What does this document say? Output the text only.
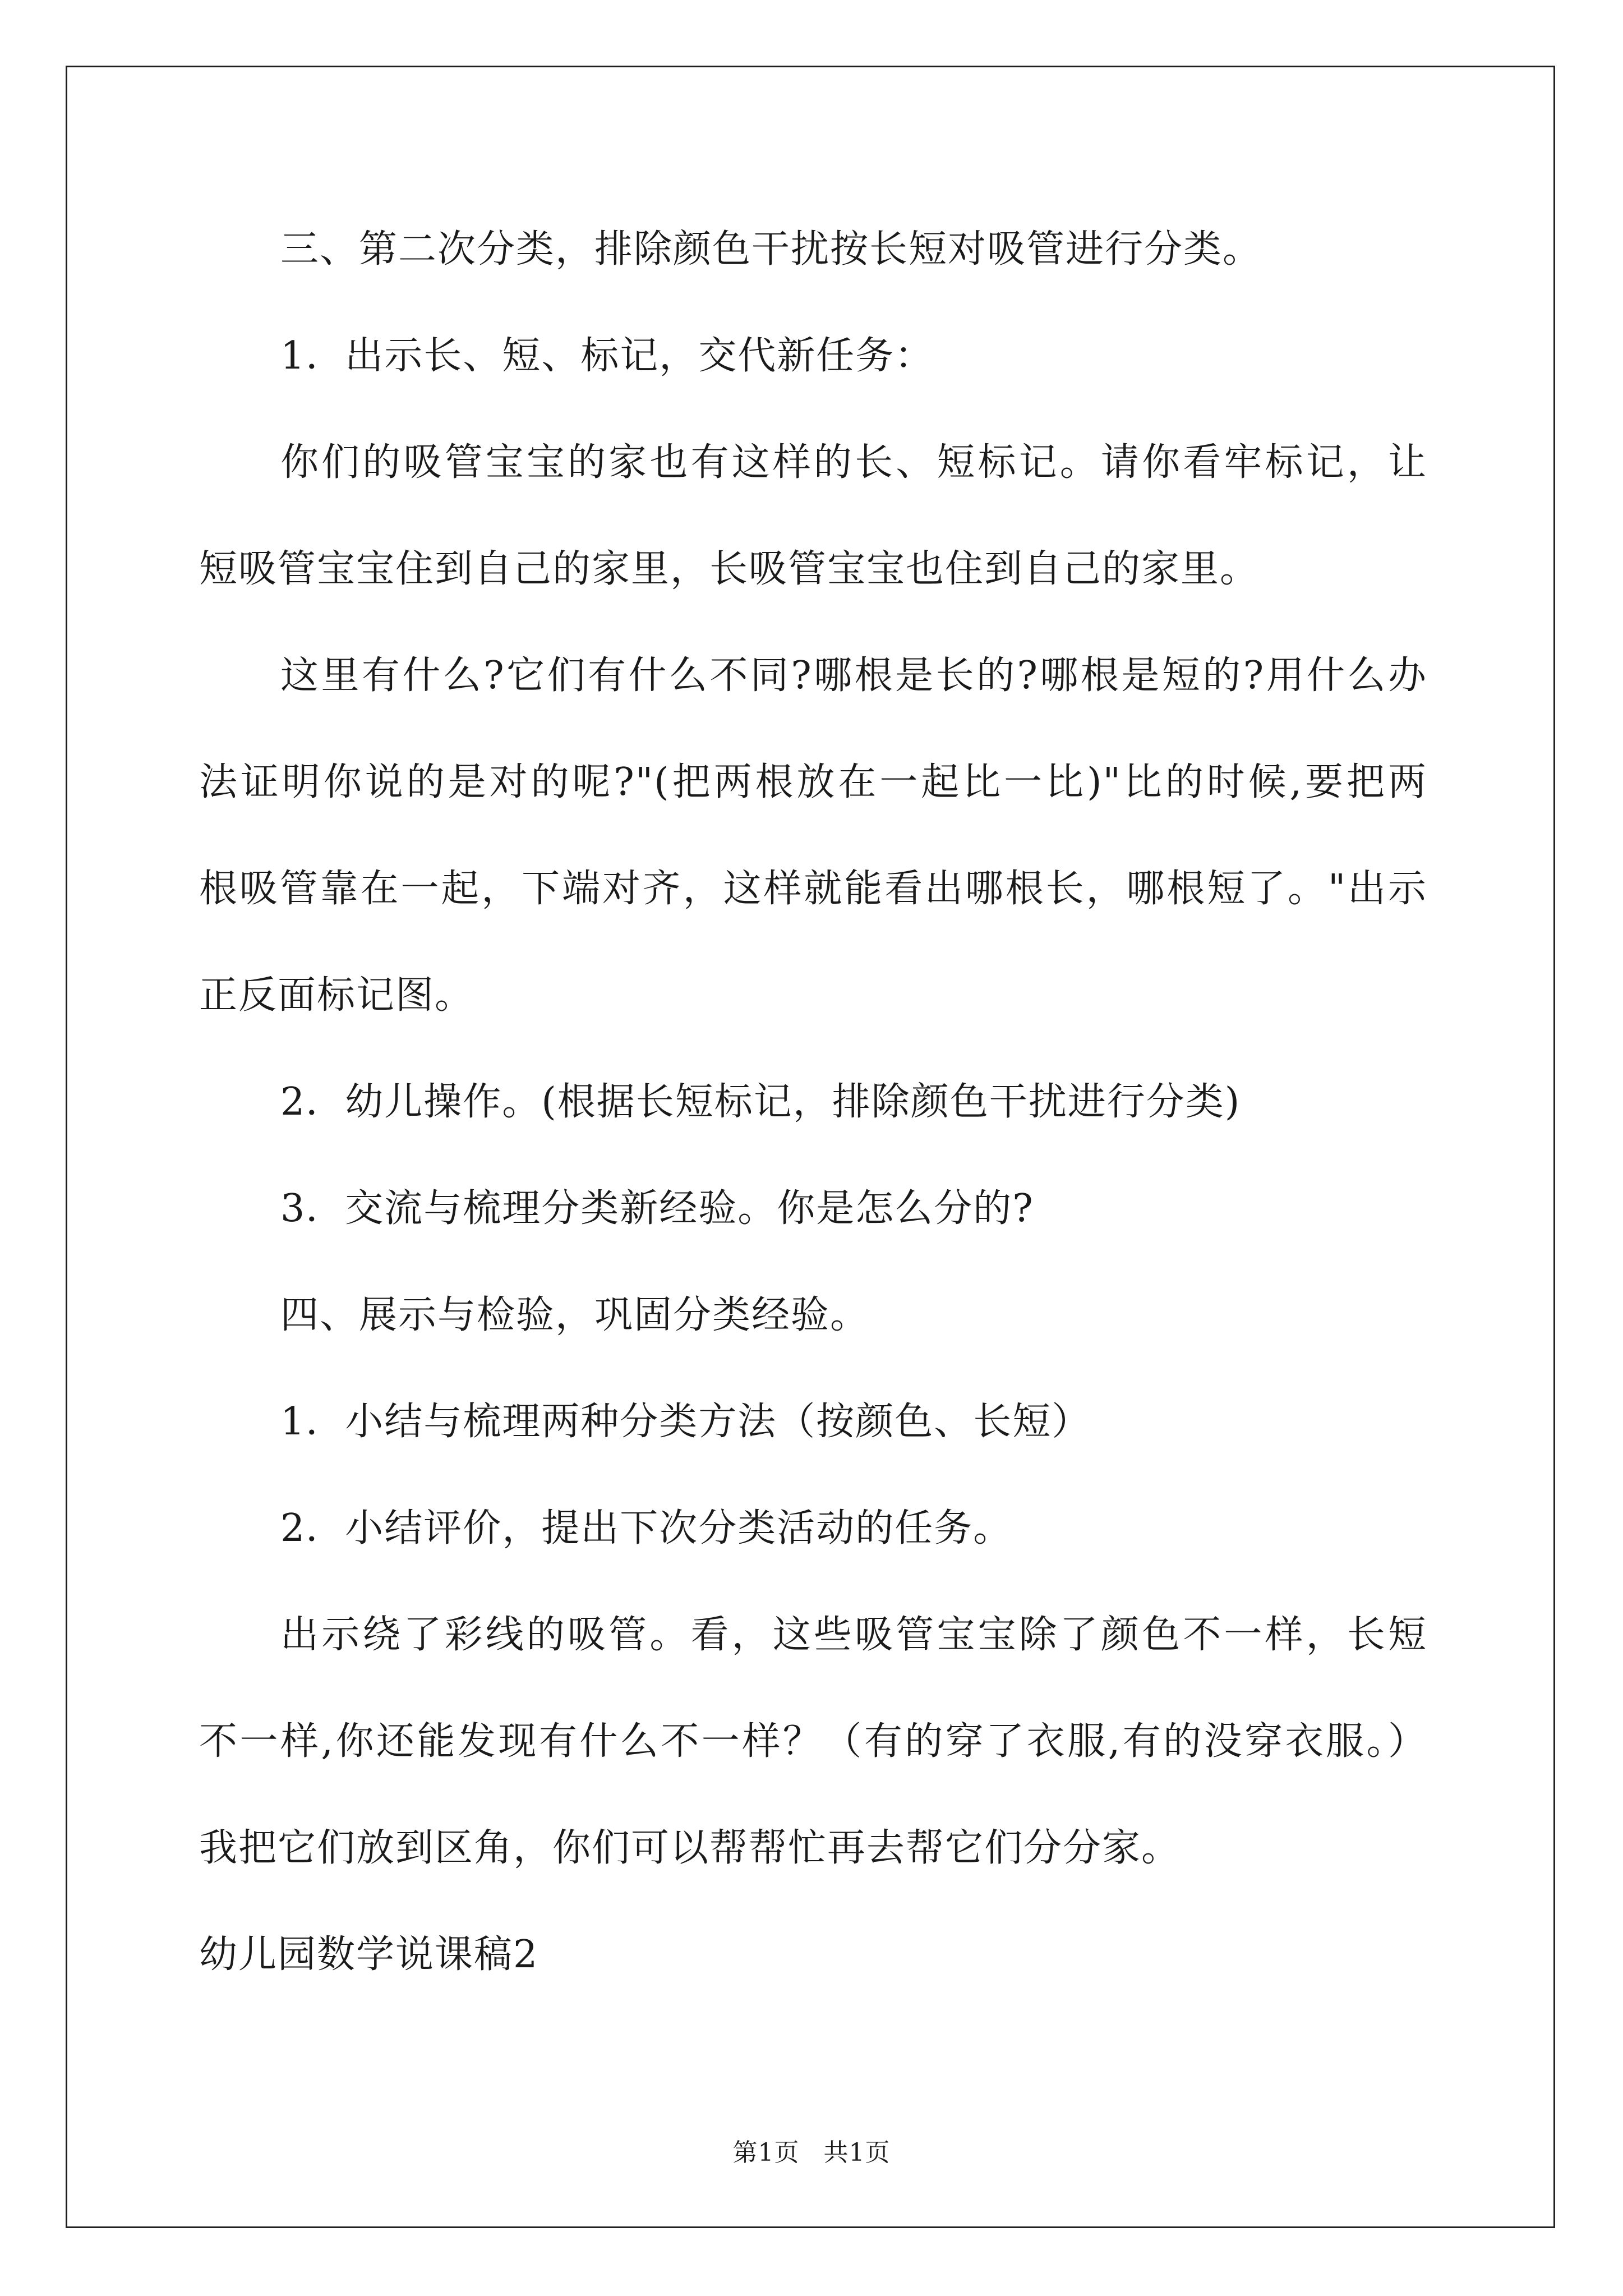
三、第二次分类，排除颜色干扰按长短对吸管进行分类。
1．出示长、短、标记，交代新任务：
你们的吸管宝宝的家也有这样的长、短标记。请你看牢标记，让
短吸管宝宝住到自己的家里，长吸管宝宝也住到自己的家里。
这里有什么?它们有什么不同?哪根是长的?哪根是短的?用什么办
法证明你说的是对的呢?"(把两根放在一起比一比)"比的时候,要把两
根吸管靠在一起，下端对齐，这样就能看出哪根长，哪根短了。"出示
正反面标记图。
2．幼儿操作。(根据长短标记，排除颜色干扰进行分类)
3．交流与梳理分类新经验。你是怎么分的?
四、展示与检验，巩固分类经验。
1．小结与梳理两种分类方法（按颜色、长短）
2．小结评价，提出下次分类活动的任务。
出示绕了彩线的吸管。看，这些吸管宝宝除了颜色不一样，长短
不一样,你还能发现有什么不一样？（有的穿了衣服,有的没穿衣服。）
我把它们放到区角，你们可以帮帮忙再去帮它们分分家。
幼儿园数学说课稿2
第1页 共1页
